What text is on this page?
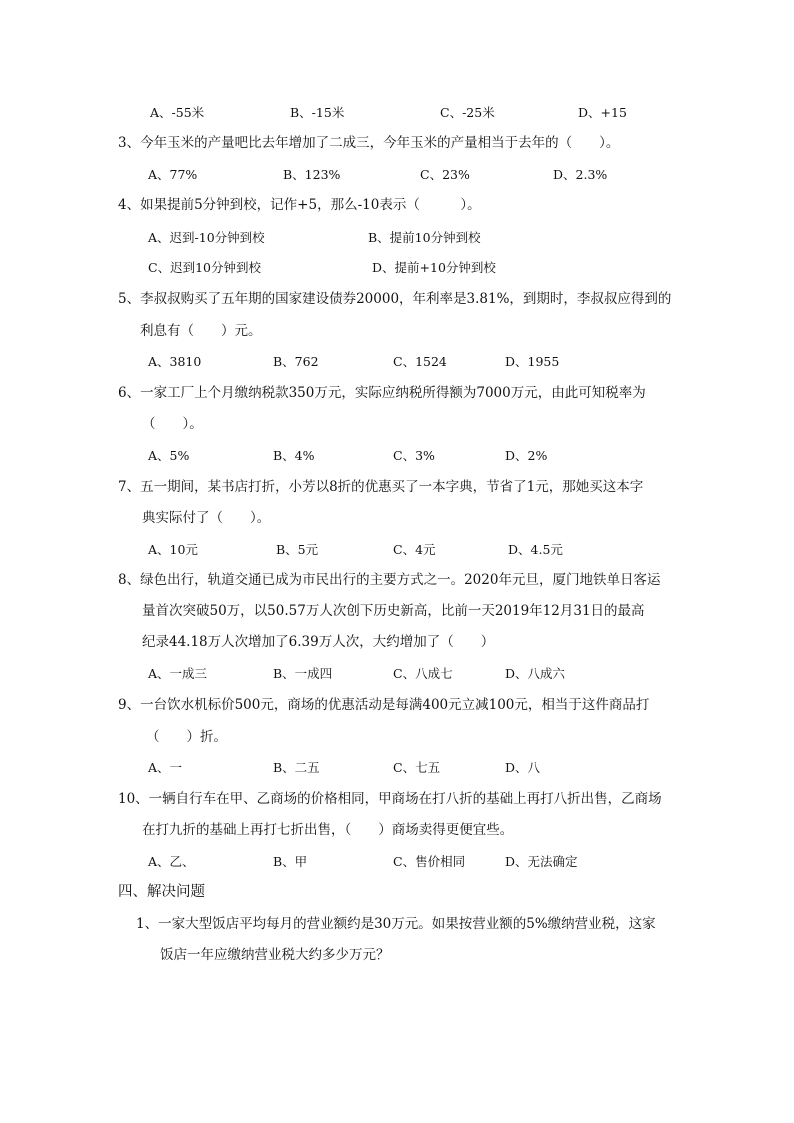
A、-55米	B、-15米	C、-25米	D、+15
3、今年玉米的产量吧比去年增加了二成三，今年玉米的产量相当于去年的（　　）。
A、77%	B、123%	C、23%	D、2.3%
4、如果提前5分钟到校，记作+5，那么-10表示（　　　）。
A、迟到-10分钟到校	B、提前10分钟到校
C、迟到10分钟到校	D、提前+10分钟到校
5、李叔叔购买了五年期的国家建设债券20000，年利率是3.81%，到期时，李叔叔应得到的
利息有（　　）元。
A、3810	B、762	C、1524	D、1955
6、一家工厂上个月缴纳税款350万元，实际应纳税所得额为7000万元，由此可知税率为
（　　）。
A、5%	B、4%	C、3%	D、2%
7、五一期间，某书店打折，小芳以8折的优惠买了一本字典，节省了1元，那她买这本字
典实际付了（　　）。
A、10元	B、5元	C、4元	D、4.5元
8、绿色出行，轨道交通已成为市民出行的主要方式之一。2020年元旦，厦门地铁单日客运
量首次突破50万，以50.57万人次创下历史新高，比前一天2019年12月31日的最高
纪录44.18万人次增加了6.39万人次，大约增加了（　　）
A、一成三	B、一成四	C、八成七	D、八成六
9、一台饮水机标价500元，商场的优惠活动是每满400元立减100元，相当于这件商品打
（　　）折。
A、一	B、二五	C、七五	D、八
10、一辆自行车在甲、乙商场的价格相同，甲商场在打八折的基础上再打八折出售，乙商场
在打九折的基础上再打七折出售，（　　）商场卖得更便宜些。
A、乙、	B、甲	C、售价相同	D、无法确定
四、解决问题
1、一家大型饭店平均每月的营业额约是30万元。如果按营业额的5%缴纳营业税，这家
饭店一年应缴纳营业税大约多少万元？
